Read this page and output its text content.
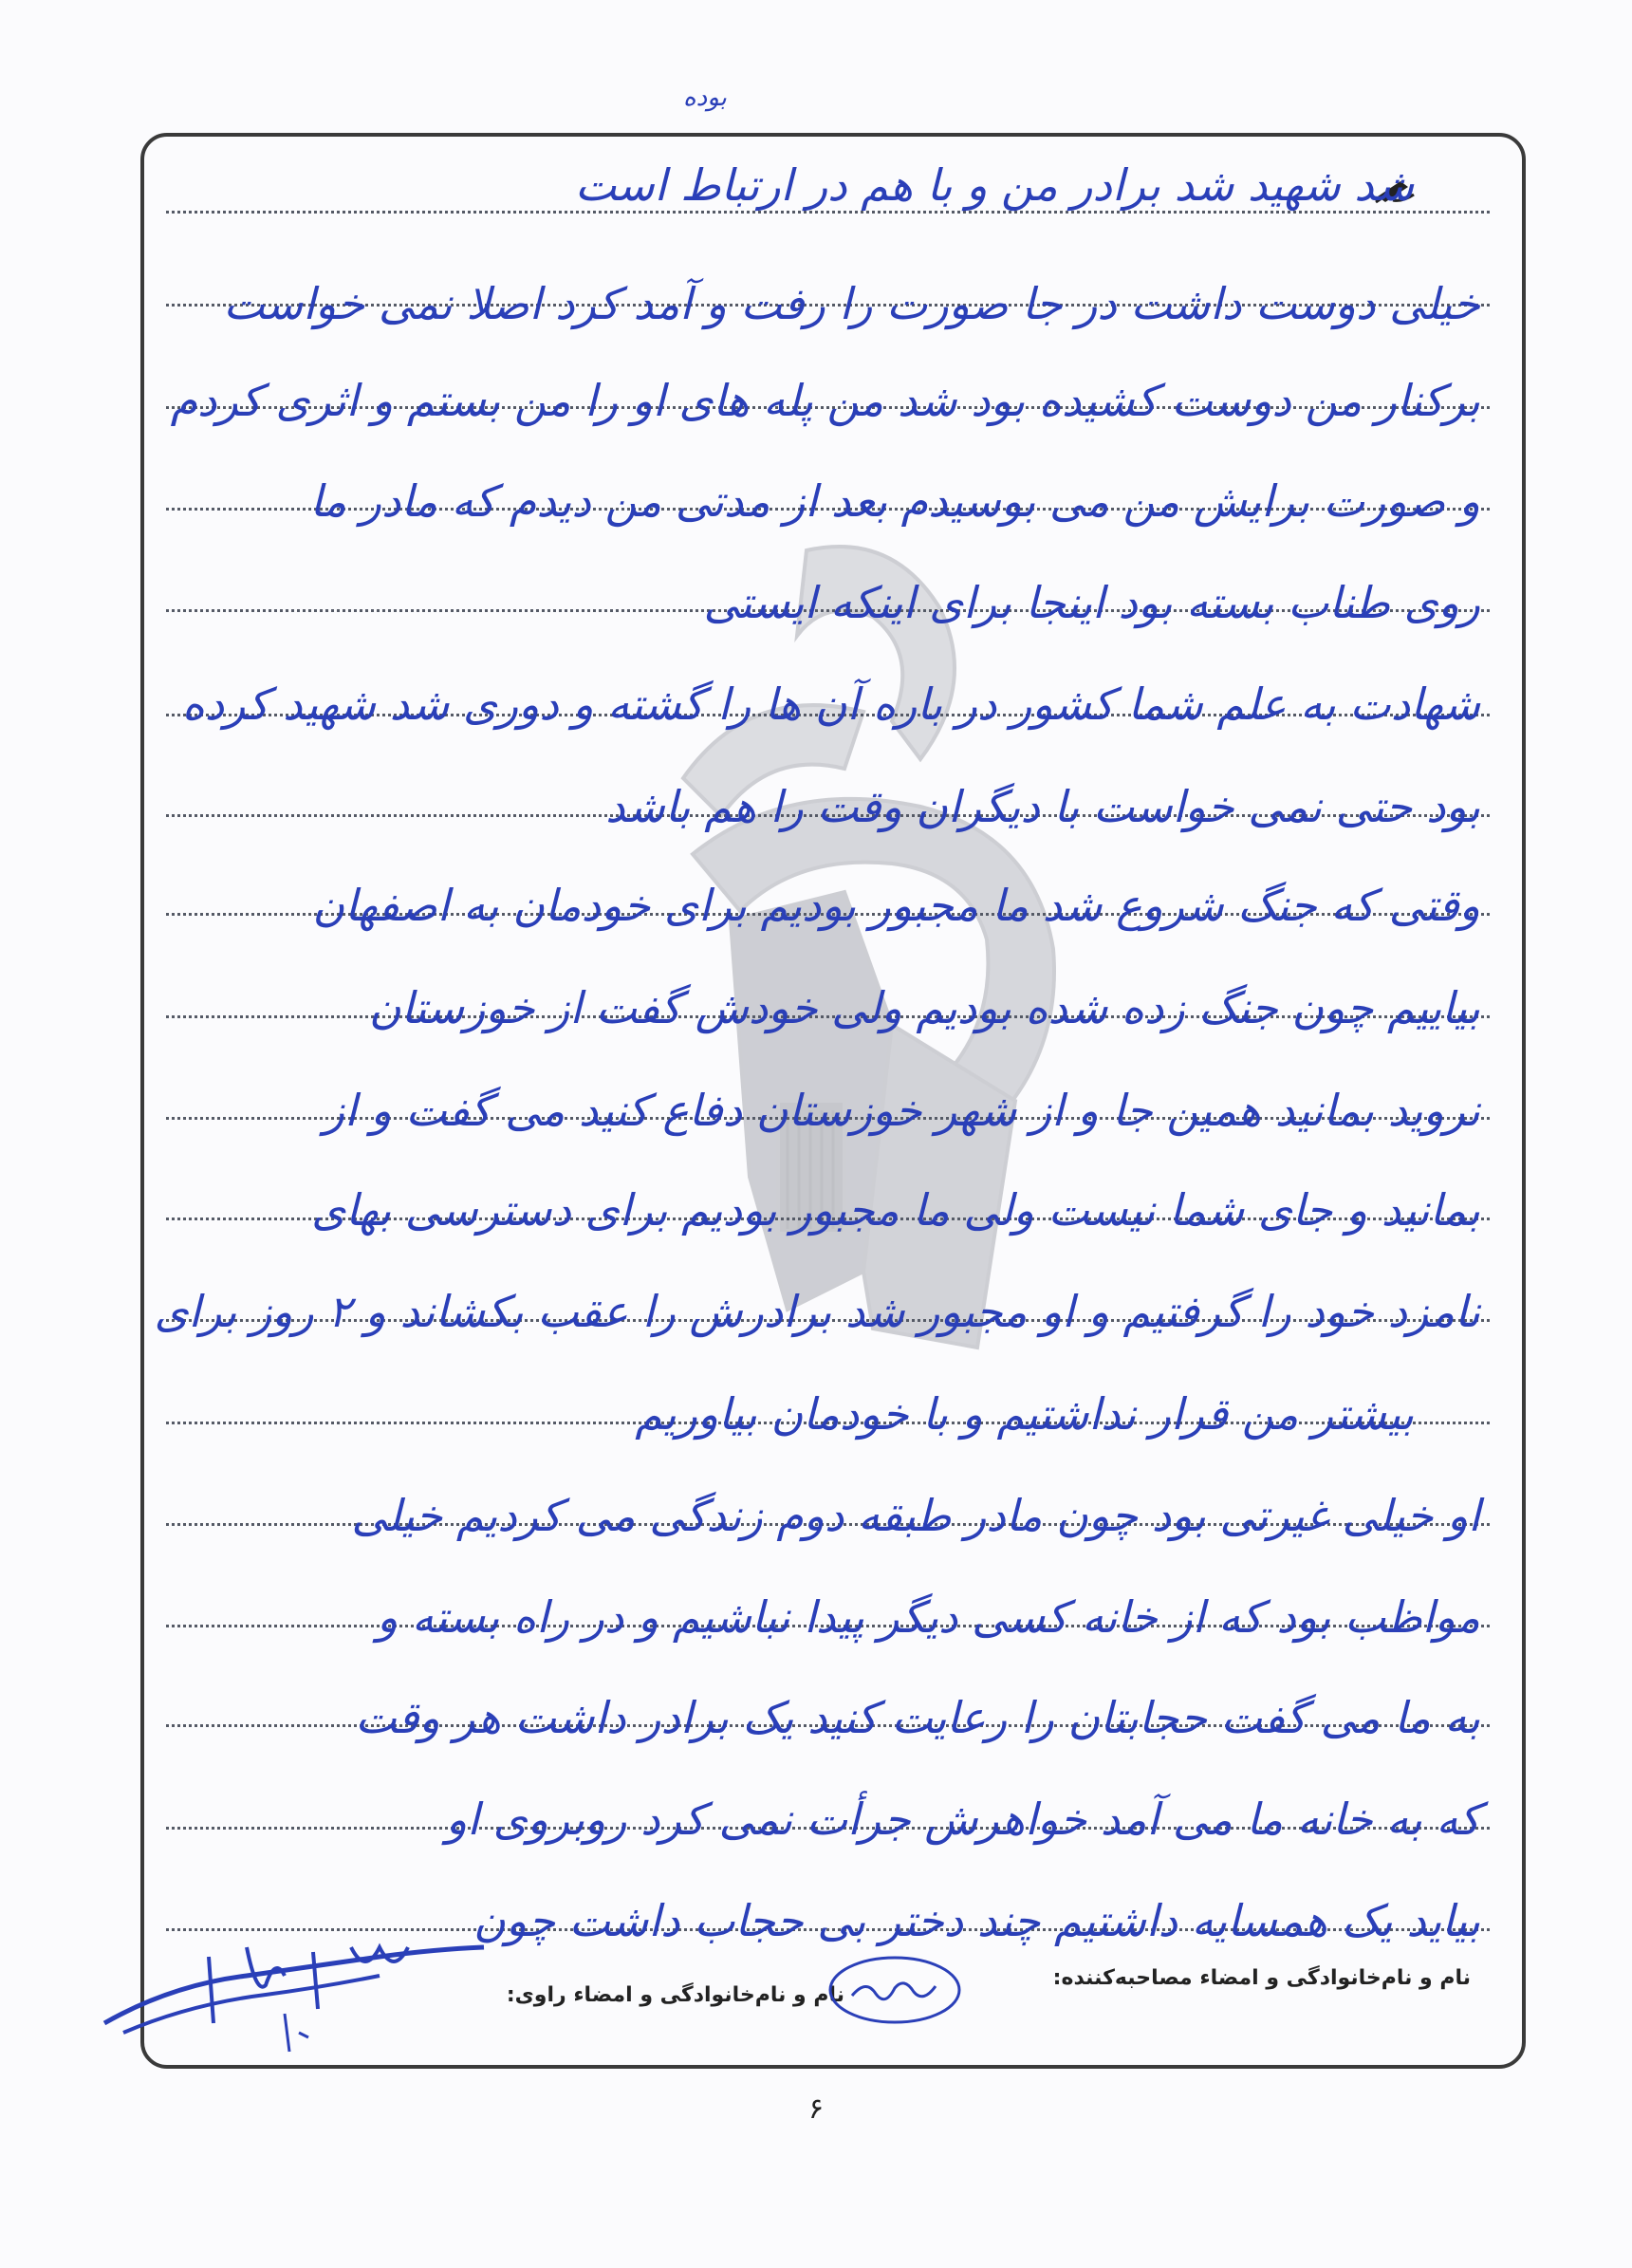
بوده
شد شهید شد برادر من و با هم در ارتباط است
خیلی دوست داشت در جا صورت را رفت و آمد کرد اصلا نمی خواست
برکنار من دوست کشیده بود شد من پله های او را من بستم و اثری کردم
و صورت برایش من می بوسیدم بعد از مدتی من دیدم که مادر ما
روی طناب بسته بود اینجا برای اینکه ایستی
شهادت به علم شما کشور در باره آن ها را گشته و دوری شد شهید کرده
بود حتی نمی خواست با دیگران وقت را هم باشد
وقتی که جنگ شروع شد ما مجبور بودیم برای خودمان به اصفهان
بیاییم چون جنگ زده شده بودیم ولی خودش گفت از خوزستان
نروید بمانید همین جا و از شهر خوزستان دفاع کنید می گفت و از
بمانید و جای شما نیست ولی ما مجبور بودیم برای دسترسی بهای
نامزد خود را گرفتیم و او مجبور شد برادرش را عقب بکشاند و ۲ روز برای
بیشتر من قرار نداشتیم و با خودمان بیاوریم
او خیلی غیرتی بود چون مادر طبقه دوم زندگی می کردیم خیلی
مواظب بود که از خانه کسی دیگر پیدا نباشیم و در راه بسته و
به ما می گفت حجابتان را رعایت کنید یک برادر داشت هر وقت
که به خانه ما می آمد خواهرش جرأت نمی کرد روبروی او
بیاید یک همسایه داشتیم چند دختر بی حجاب داشت چون
نام و نام‌خانوادگی و امضاء مصاحبه‌کننده:
نام و نام‌خانوادگی و امضاء راوی:
۶
